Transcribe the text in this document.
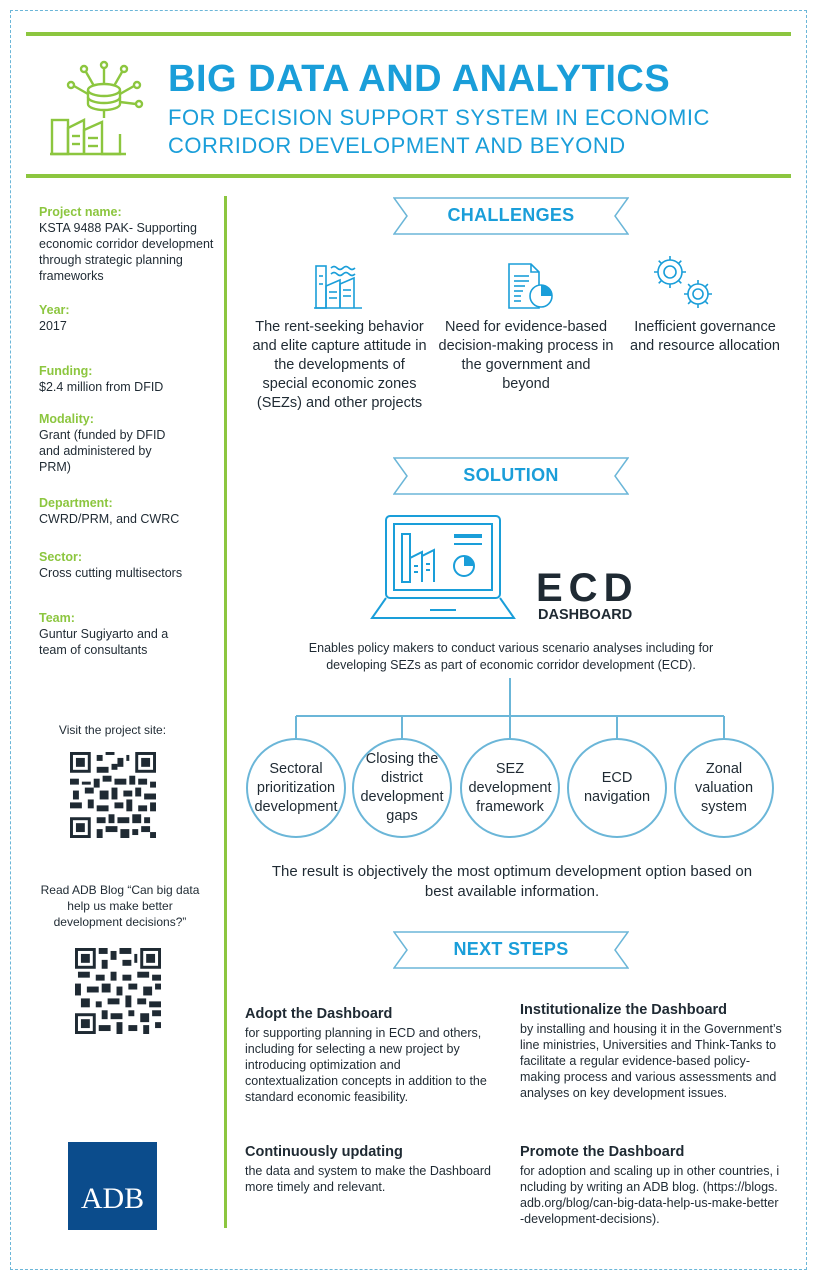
BIG DATA AND ANALYTICS
FOR DECISION SUPPORT SYSTEM IN ECONOMIC
CORRIDOR DEVELOPMENT AND BEYOND
Project name:
KSTA 9488 PAK- Supporting economic corridor development through strategic planning frameworks
Year:
2017
Funding:
$2.4 million from DFID
Modality:
Grant (funded by DFID and administered by PRM)
Department:
CWRD/PRM, and CWRC
Sector:
Cross cutting multisectors
Team:
Guntur Sugiyarto and a team of consultants
Visit the project site:
Read ADB Blog “Can big data help us make better development decisions?”
ADB
CHALLENGES
The rent-seeking behavior and elite capture attitude in the developments of special economic zones (SEZs) and other projects
Need for evidence-based decision-making process in the government and beyond
Inefficient governance and resource allocation
SOLUTION
ECD
DASHBOARD
Enables policy makers to conduct various scenario analyses including for developing SEZs as part of economic corridor development (ECD).
Sectoral prioritization development
Closing the district development gaps
SEZ development framework
ECD navigation
Zonal valuation system
The result is objectively the most optimum development option based on best available information.
NEXT STEPS
Adopt the Dashboard
for supporting planning in ECD and others, including for selecting a new project by introducing optimization and contextualization concepts in addition to the standard economic feasibility.
Institutionalize the Dashboard
by installing and housing it in the Government’s line ministries, Universities and Think-Tanks to facilitate a regular evidence-based policy-making process and various assessments and analyses on key development issues.
Continuously updating
the data and system to make the Dashboard more timely and relevant.
Promote the Dashboard
for adoption and scaling up in other countries, including by writing an ADB blog. (https://blogs.adb.org/blog/can-big-data-help-us-make-better-development-decisions).
